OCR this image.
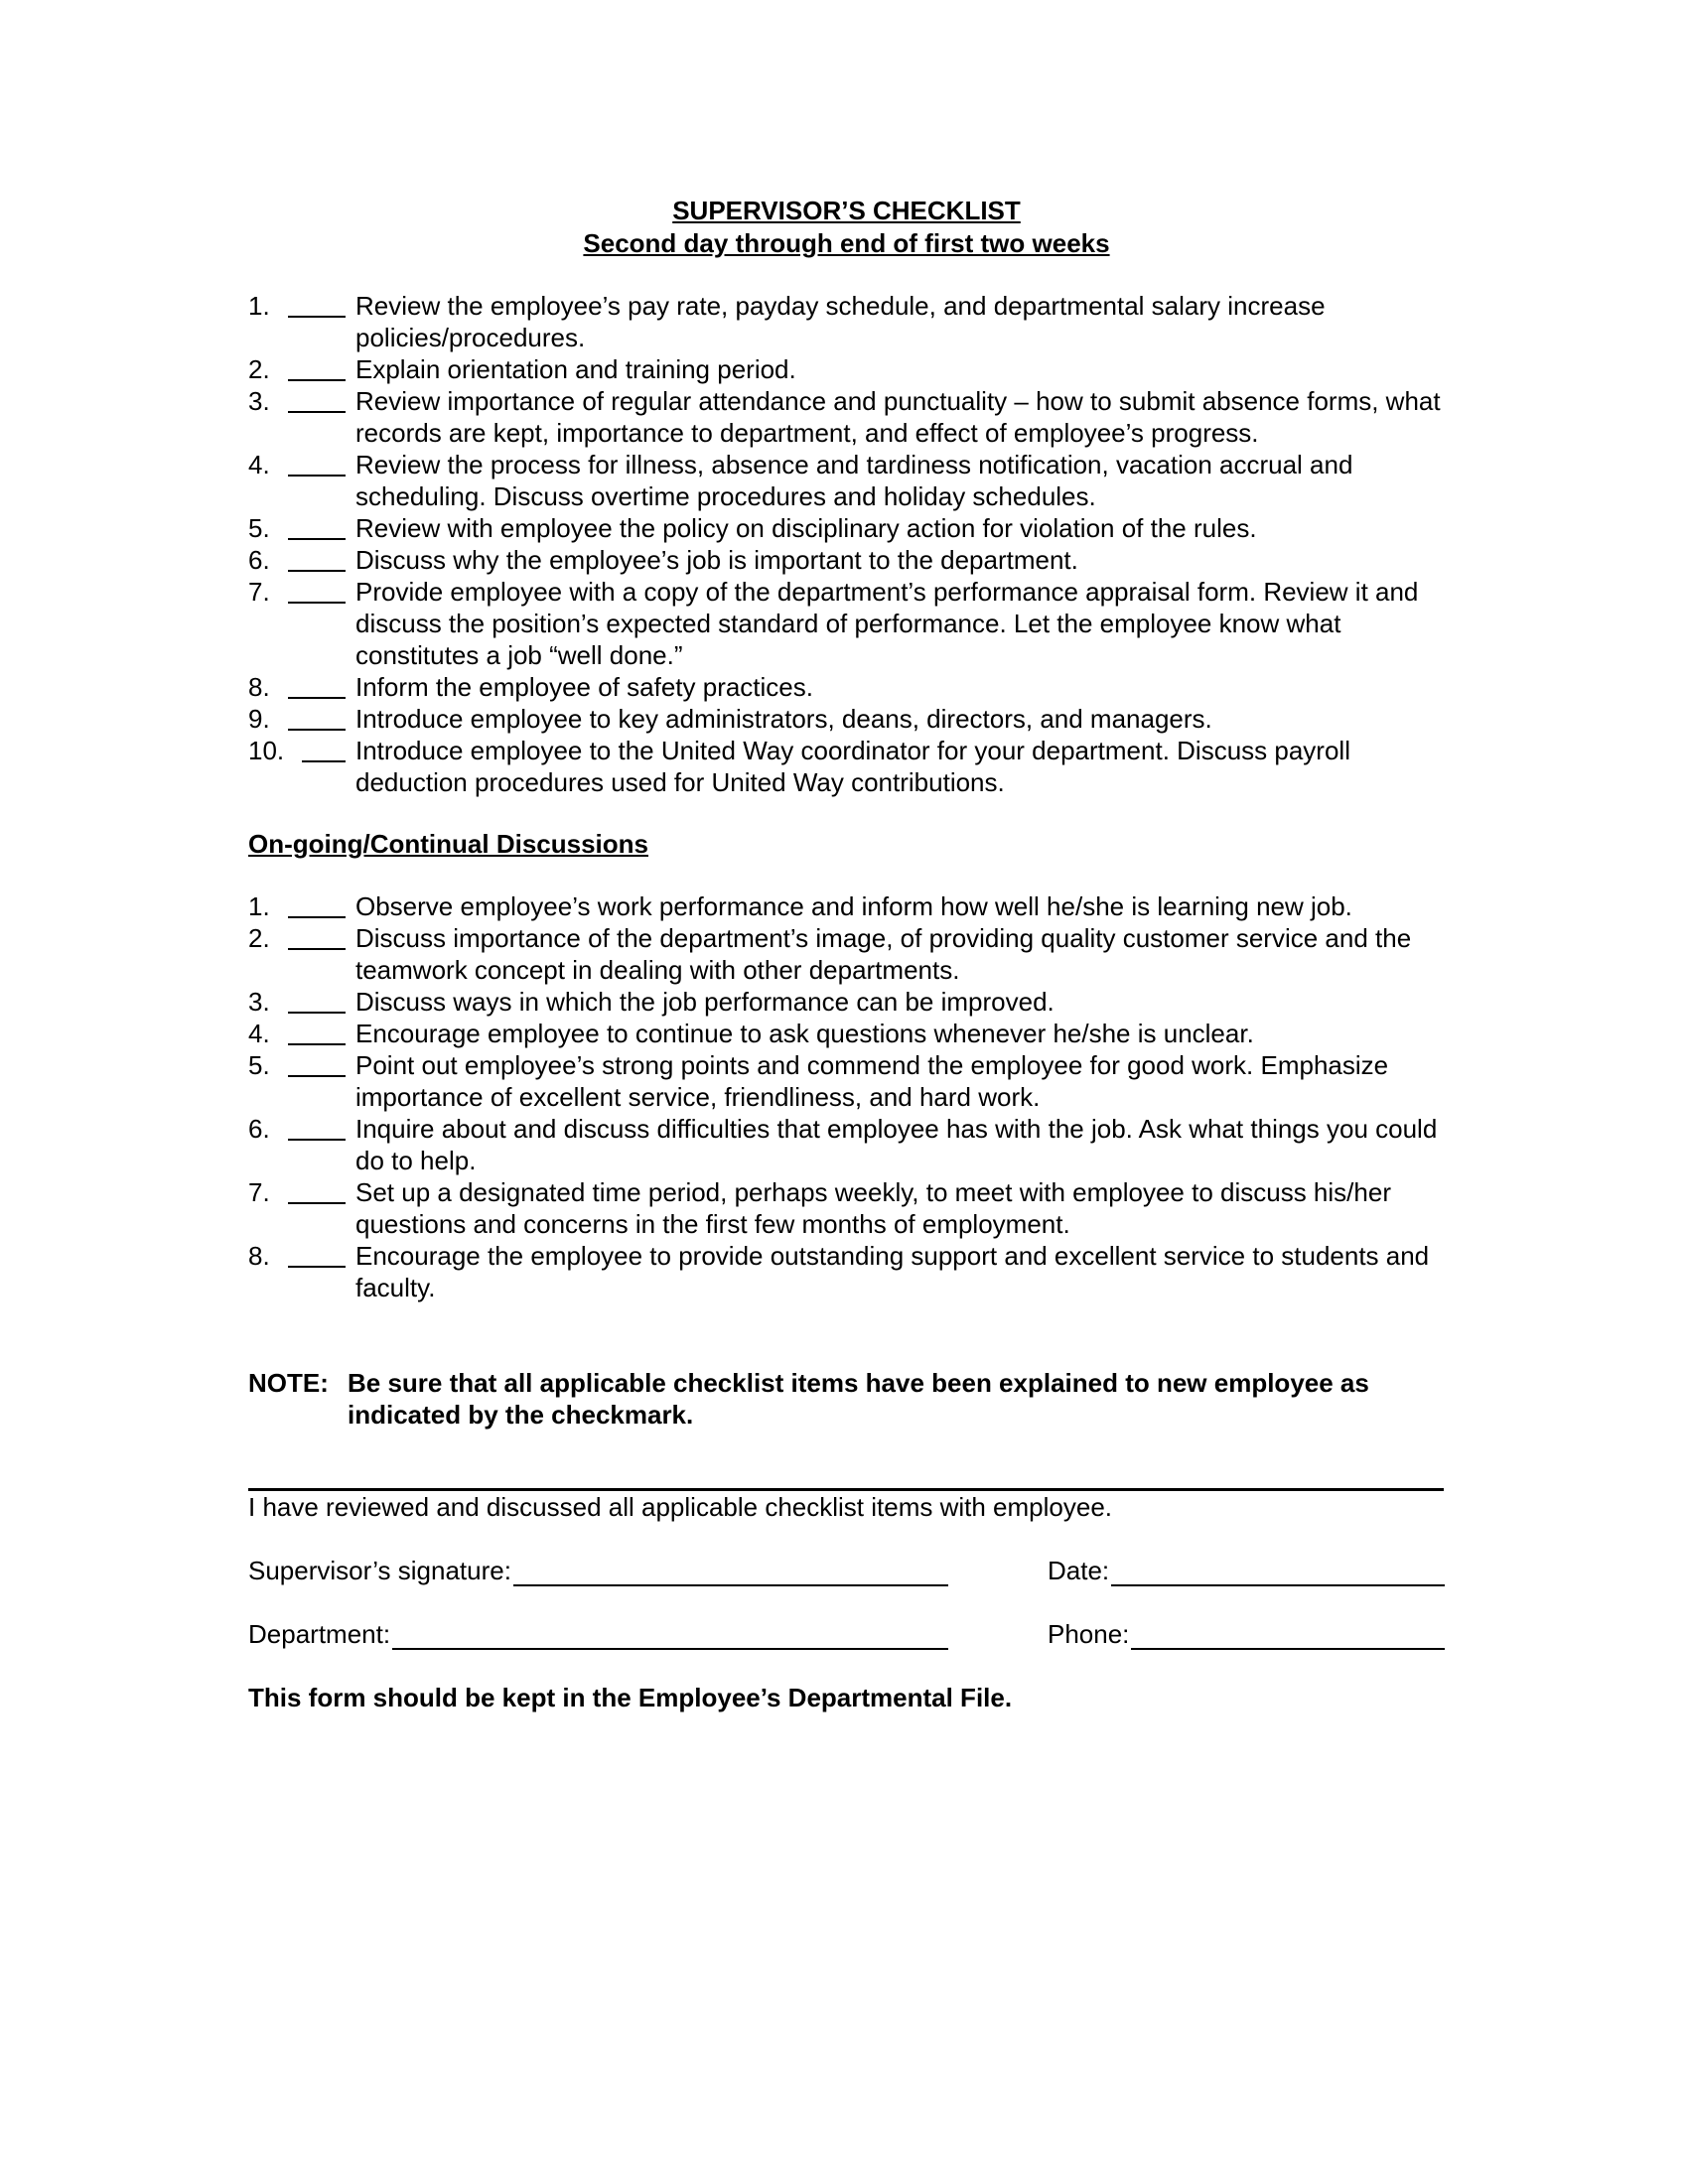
SUPERVISOR’S CHECKLIST

Second day through end of first two weeks

1.	Review the employee’s pay rate, payday schedule, and departmental salary increase policies/procedures.
2.	Explain orientation and training period.
3.	Review importance of regular attendance and punctuality – how to submit absence forms, what records are kept, importance to department, and effect of employee’s progress.
4.	Review the process for illness, absence and tardiness notification, vacation accrual and scheduling. Discuss overtime procedures and holiday schedules.
5.	Review with employee the policy on disciplinary action for violation of the rules.
6.	Discuss why the employee’s job is important to the department.
7.	Provide employee with a copy of the department’s performance appraisal form. Review it and discuss the position’s expected standard of performance. Let the employee know what constitutes a job “well done.”
8.	Inform the employee of safety practices.
9.	Introduce employee to key administrators, deans, directors, and managers.
10.	Introduce employee to the United Way coordinator for your department. Discuss payroll deduction procedures used for United Way contributions.
On-going/Continual Discussions
1.	Observe employee’s work performance and inform how well he/she is learning new job.
2.	Discuss importance of the department’s image, of providing quality customer service and the teamwork concept in dealing with other departments.
3.	Discuss ways in which the job performance can be improved.
4.	Encourage employee to continue to ask questions whenever he/she is unclear.
5.	Point out employee’s strong points and commend the employee for good work. Emphasize importance of excellent service, friendliness, and hard work.
6.	Inquire about and discuss difficulties that employee has with the job. Ask what things you could do to help.
7.	Set up a designated time period, perhaps weekly, to meet with employee to discuss his/her questions and concerns in the first few months of employment.
8.	Encourage the employee to provide outstanding support and excellent service to students and faculty.
NOTE: Be sure that all applicable checklist items have been explained to new employee as indicated by the checkmark.
I have reviewed and discussed all applicable checklist items with employee.
Supervisor’s signature:	Date:
Department:	Phone:
This form should be kept in the Employee’s Departmental File.
